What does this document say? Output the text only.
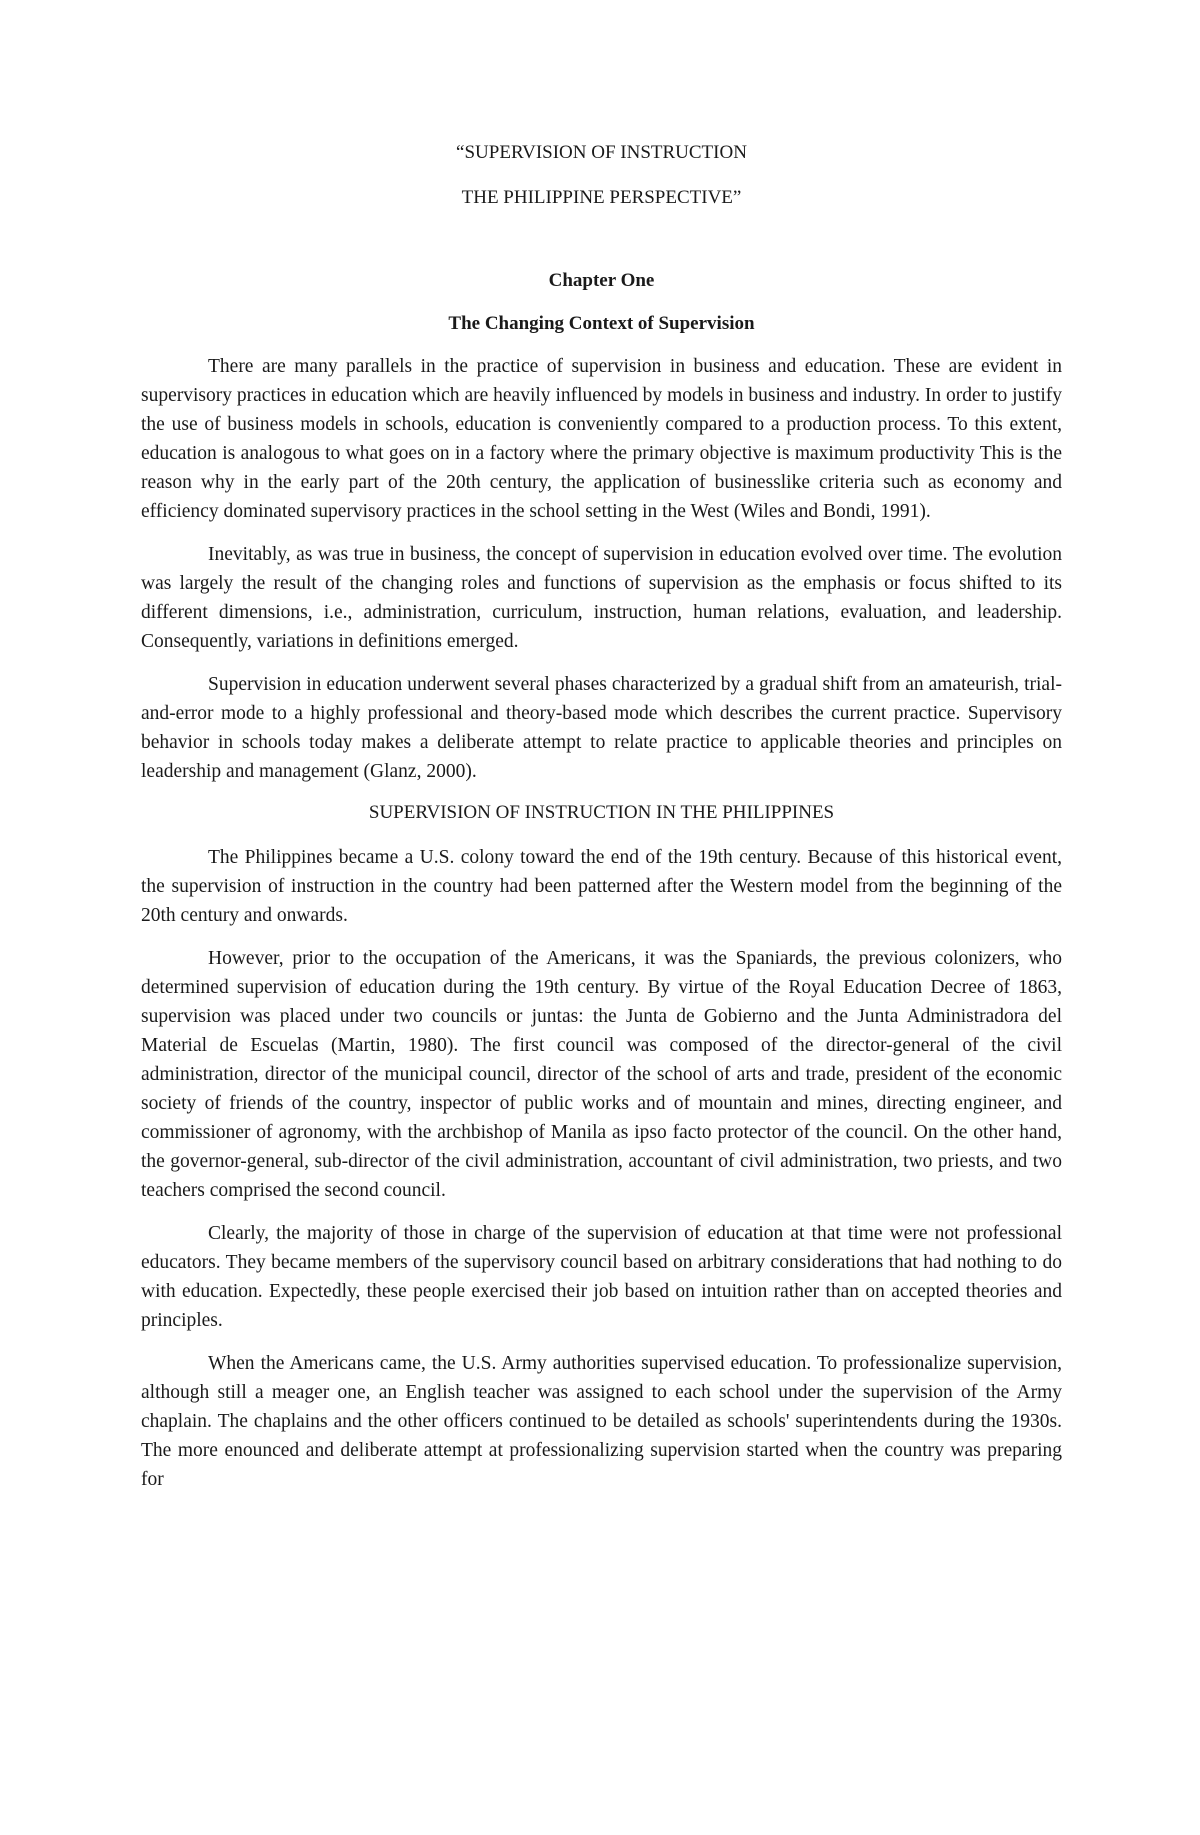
“SUPERVISION OF INSTRUCTION

THE PHILIPPINE PERSPECTIVE”

Chapter One

The Changing Context of Supervision

There are many parallels in the practice of supervision in business and education. These are evident in supervisory practices in education which are heavily influenced by models in business and industry. In order to justify the use of business models in schools, education is conveniently compared to a production process. To this extent, education is analogous to what goes on in a factory where the primary objective is maximum productivity This is the reason why in the early part of the 20th century, the application of businesslike criteria such as economy and efficiency dominated supervisory practices in the school setting in the West (Wiles and Bondi, 1991).

Inevitably, as was true in business, the concept of supervision in education evolved over time. The evolution was largely the result of the changing roles and functions of supervision as the emphasis or focus shifted to its different dimensions, i.e., administration, curriculum, instruction, human relations, evaluation, and leadership. Consequently, variations in definitions emerged.

Supervision in education underwent several phases characterized by a gradual shift from an amateurish, trial-and-error mode to a highly professional and theory-based mode which describes the current practice. Supervisory behavior in schools today makes a deliberate attempt to relate practice to applicable theories and principles on leadership and management (Glanz, 2000).

SUPERVISION OF INSTRUCTION IN THE PHILIPPINES

The Philippines became a U.S. colony toward the end of the 19th century. Because of this historical event, the supervision of instruction in the country had been patterned after the Western model from the beginning of the 20th century and onwards.

However, prior to the occupation of the Americans, it was the Spaniards, the previous colonizers, who determined supervision of education during the 19th century. By virtue of the Royal Education Decree of 1863, supervision was placed under two councils or juntas: the Junta de Gobierno and the Junta Administradora del Material de Escuelas (Martin, 1980). The first council was composed of the director-general of the civil administration, director of the municipal council, director of the school of arts and trade, president of the economic society of friends of the country, inspector of public works and of mountain and mines, directing engineer, and commissioner of agronomy, with the archbishop of Manila as ipso facto protector of the council. On the other hand, the governor-general, sub-director of the civil administration, accountant of civil administration, two priests, and two teachers comprised the second council.

Clearly, the majority of those in charge of the supervision of education at that time were not professional educators. They became members of the supervisory council based on arbitrary considerations that had nothing to do with education. Expectedly, these people exercised their job based on intuition rather than on accepted theories and principles.

When the Americans came, the U.S. Army authorities supervised education. To professionalize supervision, although still a meager one, an English teacher was assigned to each school under the supervision of the Army chaplain. The chaplains and the other officers continued to be detailed as schools' superintendents during the 1930s. The more enounced and deliberate attempt at professionalizing supervision started when the country was preparing for
